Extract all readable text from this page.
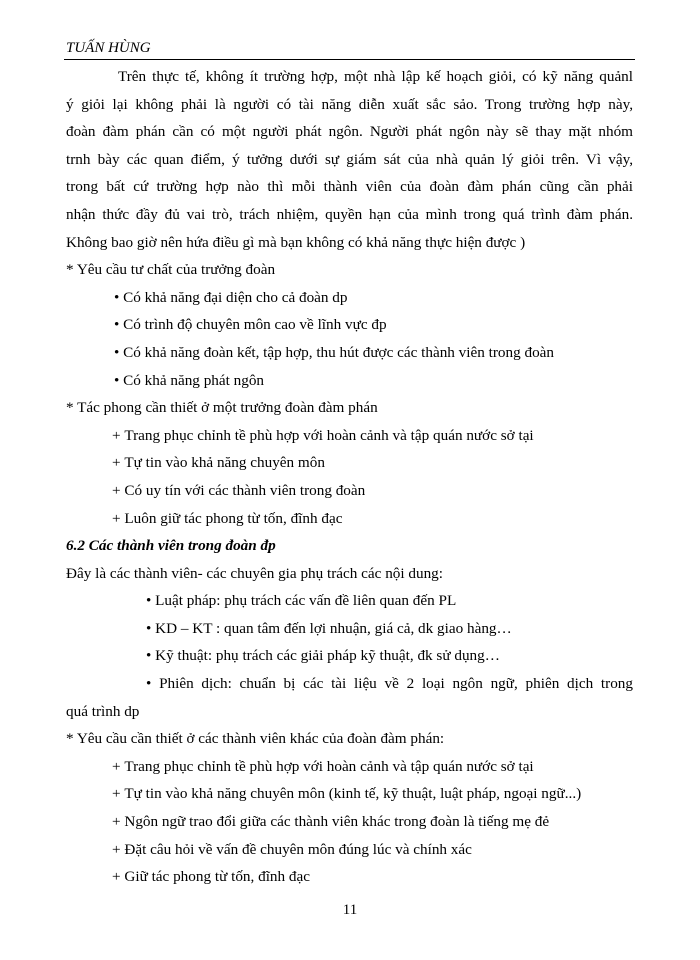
TUẤN HÙNG

Trên thực tế, không ít trường hợp, một nhà lập kế hoạch giỏi, có kỹ năng quảnl

ý giỏi lại không phải là người có tài năng diễn xuất sắc sảo. Trong trường hợp này,

đoàn đàm phán cần có một người phát ngôn. Người phát ngôn này sẽ thay mặt nhóm

trnh bày các quan điểm, ý tưởng dưới sự giám sát của nhà quản lý giỏi trên. Vì vậy,

trong bất cứ trường hợp nào thì mỗi thành viên của đoàn đàm phán cũng cần phải

nhận thức đầy đủ vai trò, trách nhiệm, quyền hạn của mình trong quá trình đàm phán.

Không bao giờ nên hứa điều gì mà bạn không có khả năng thực hiện được )

* Yêu cầu tư chất của trưởng đoàn
• Có khả năng đại diện cho cả đoàn dp
• Có trình độ chuyên môn cao về lĩnh vực đp
• Có khả năng đoàn kết, tập hợp, thu hút được các thành viên trong đoàn
• Có khả năng phát ngôn
* Tác phong cần thiết ở một trưởng đoàn đàm phán
+ Trang phục chỉnh tề phù hợp với hoàn cảnh và tập quán nước sở tại
+ Tự tin vào khả năng chuyên môn
+ Có uy tín với các thành viên trong đoàn
+ Luôn giữ tác phong từ tốn, đĩnh đạc
6.2 Các thành viên trong đoàn đp
Đây là các thành viên- các chuyên gia phụ trách các nội dung:
• Luật pháp: phụ trách các vấn đề liên quan đến PL
• KD – KT : quan tâm đến lợi nhuận, giá cả, dk giao hàng…
• Kỹ thuật: phụ trách các giải pháp kỹ thuật, đk sử dụng…

• Phiên dịch: chuẩn bị các tài liệu về 2 loại ngôn ngữ, phiên dịch trong

quá trình dp
* Yêu cầu cần thiết ở các thành viên khác của đoàn đàm phán:
+ Trang phục chỉnh tề phù hợp với hoàn cảnh và tập quán nước sở tại
+ Tự tin vào khả năng chuyên môn (kinh tế, kỹ thuật, luật pháp, ngoại ngữ...)
+ Ngôn ngữ trao đổi giữa các thành viên khác trong đoàn là tiếng mẹ đẻ
+ Đặt câu hỏi về vấn đề chuyên môn đúng lúc và chính xác
+ Giữ tác phong từ tốn, đĩnh đạc
11
